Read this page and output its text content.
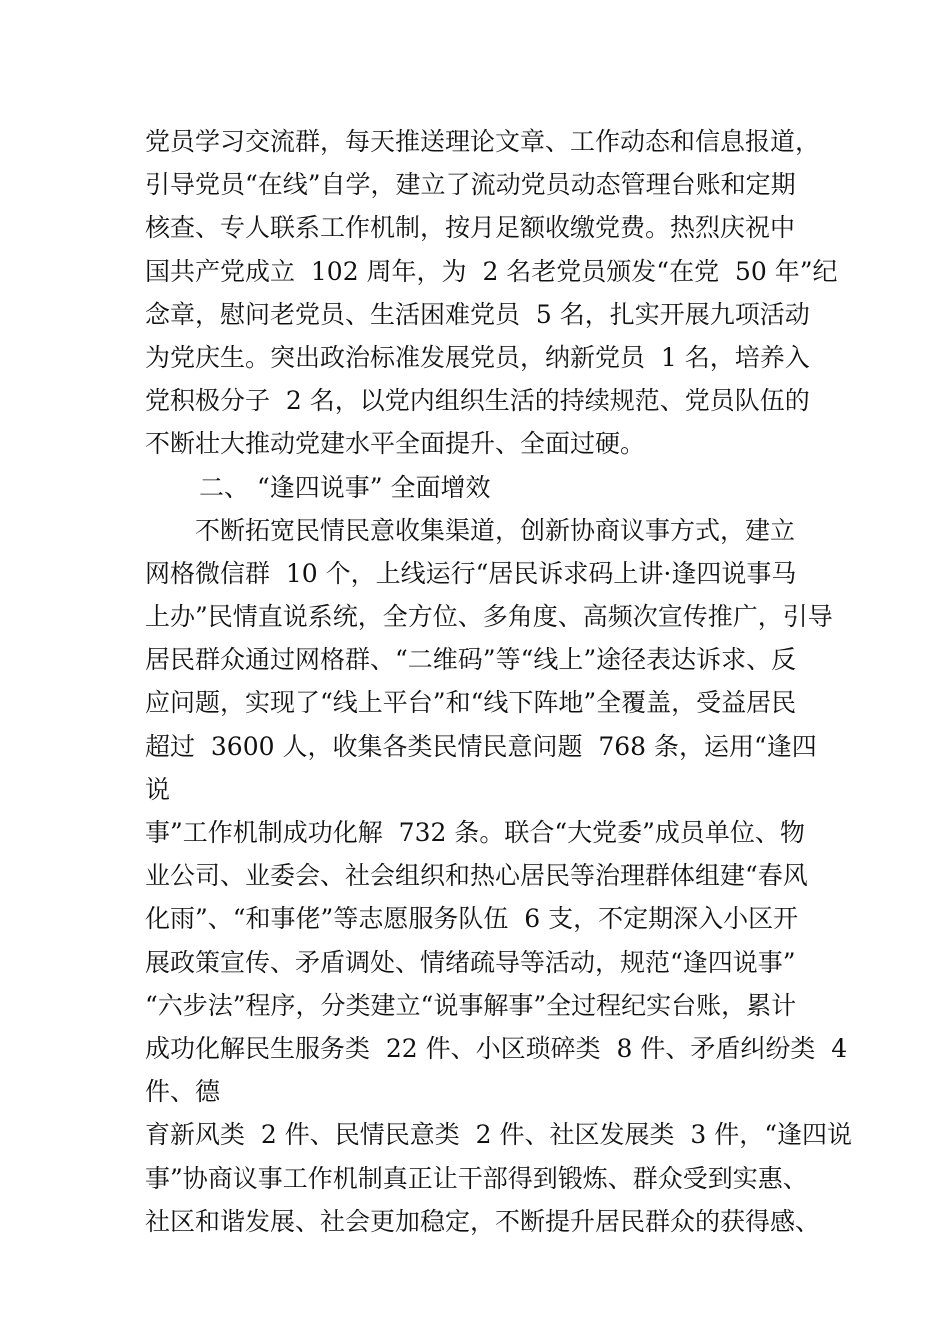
党员学习交流群，每天推送理论文章、工作动态和信息报道，
引导党员“在线”自学，建立了流动党员动态管理台账和定期
核查、专人联系工作机制，按月足额收缴党费。热烈庆祝中
国共产党成立  102 周年，为  2 名老党员颁发“在党  50 年”纪
念章，慰问老党员、生活困难党员  5 名，扎实开展九项活动
为党庆生。突出政治标准发展党员，纳新党员  1 名，培养入
党积极分子  2 名，以党内组织生活的持续规范、党员队伍的
不断壮大推动党建水平全面提升、全面过硬。
二、 “逢四说事” 全面增效
不断拓宽民情民意收集渠道，创新协商议事方式，建立
网格微信群  10 个，上线运行“居民诉求码上讲·逢四说事马
上办”民情直说系统，全方位、多角度、高频次宣传推广，引导
居民群众通过网格群、“二维码”等“线上”途径表达诉求、反
应问题，实现了“线上平台”和“线下阵地”全覆盖，受益居民
超过  3600 人，收集各类民情民意问题  768 条，运用“逢四
说
事”工作机制成功化解  732 条。联合“大党委”成员单位、物
业公司、业委会、社会组织和热心居民等治理群体组建“春风
化雨”、“和事佬”等志愿服务队伍  6 支，不定期深入小区开
展政策宣传、矛盾调处、情绪疏导等活动，规范“逢四说事”
“六步法”程序，分类建立“说事解事”全过程纪实台账，累计
成功化解民生服务类  22 件、小区琐碎类  8 件、矛盾纠纷类  4
件、德
育新风类  2 件、民情民意类  2 件、社区发展类  3 件，“逢四说
事”协商议事工作机制真正让干部得到锻炼、群众受到实惠、
社区和谐发展、社会更加稳定，不断提升居民群众的获得感、
